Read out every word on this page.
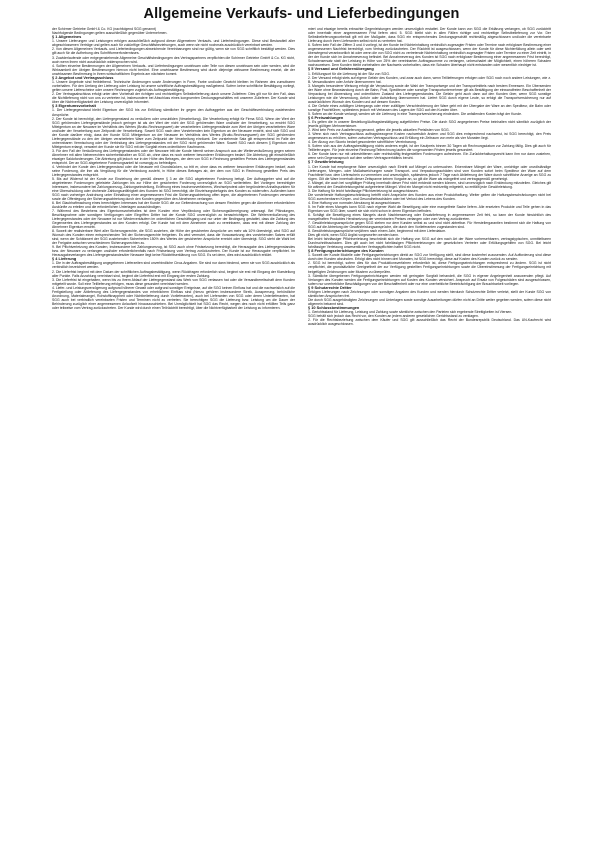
Allgemeine Verkaufs- und Lieferbedingungen

der Schirmer Getriebe GmbH & Co. KG (nachfolgend SGG genannt)

Nachfolgende Bedingungen gelten ausschließlich gegenüber Unternehmen.

§ 1 Allgemeines

1. Unsere Lieferungen und Leistungen erfolgen ausschließlich aufgrund dieser Allgemeinen Verkaufs- und Lieferbedingungen. Diese sind Bestandteil aller abgeschlossenen Verträge und gelten auch für zukünftige Geschäftsbeziehungen, auch wenn sie nicht nochmals ausdrücklich vereinbart werden.

2. Von diesen Allgemeinen Verkaufs- und Lieferbedingungen abweichende Vereinbarungen sind nur gültig, wenn sie von SGG schriftlich bestätigt werden. Dies gilt auch für die Aufhebung des Schriftformerfordernisses.

3. Zuwiderlaufende oder entgegenstehende Allgemeine Geschäftsbedingungen des Vertragspartners verpflichten die Schirmer Getriebe GmbH & Co. KG nicht, auch wenn ihnen nicht ausdrücklich widersprochen wird.

4. Sollten einzelne Bestimmungen der Allgemeinen Verkaufs- und Lieferbedingungen unwirksam oder Teile von diesen unwirksam sein oder werden, wird die Wirksamkeit der übrigen Bestimmungen hiervon nicht berührt. Eine unwirksame Bestimmung wird durch diejenige wirksame Bestimmung ersetzt, die der unwirksamen Bestimmung in ihrem wirtschaftlichen Ergebnis am nächsten kommt.

§ 2 Angebot und Vertragsschluss

1. Unsere Angebote sind freibleibend. Technische Änderungen sowie Änderungen in Form, Farbe und/oder Gewicht bleiben im Rahmen des zumutbaren vorbehalten. Für den Umfang der Lieferung oder Leistung ist unsere schriftliche Auftragsbestätigung maßgebend. Sofern keine schriftliche Bestätigung vorliegt, gelten unsere Lieferscheine oder unsere Rechnungen zugleich als Auftragsbestätigung.

2. Der Vertragsabschluss erfolgt unter dem Vorbehalt der richtigen und rechtzeitigen Selbstbelieferung durch unsere Zulieferer. Dies gilt nur für den Fall, dass die Nichtlieferung nicht von uns zu vertreten ist, insbesondere bei Abschluss eines kongruenten Deckungsgeschäftes mit unserem Zulieferer. Der Kunde wird über die Nichtverfügbarkeit der Leistung unverzüglich informiert.

§ 3 Eigentumsvorbehalt

1. Der Liefergegenstand bleibt Eigentum der SGG bis zur Erfüllung sämtlicher ihr gegen den Auftraggeber aus der Geschäftsverbindung zustehenden Ansprüche.

2. Der Kunde ist berechtigt, den Liefergegenstand zu veräußern oder umzubilden (Verarbeitung). Die Verarbeitung erfolgt für Firma SGG. Wenn der Wert der SGG gehörenden Liefergegenstände jedoch geringer ist als der Wert der nicht der SGG gehörenden Ware und/oder der Verarbeitung, so erwirbt SGG Miteigentum an der Neuware im Verhältnis des Wertes (Brutto-Rechnungswert) der verarbeiteten Liefergegenstände zum Wert der übrigen verarbeiteten Ware und/oder der Verarbeitung zum Zeitpunkt der Verarbeitung. Soweit SGG nach dem Vorstehenden kein Eigentum an der Neuware erwirbt, sind sich SGG und der Kunde darüber einig, dass der Kunde SGG Miteigentum an der Neuware im Verhältnis des Wertes (Brutto-Rechnungswert) der SGG gehörenden Liefergegenstände zu den der übrigen verarbeiteten Ware zum Zeitpunkt der Verarbeitung einräumt. Der vorstehende Satz gilt entsprechend im Falle der untrennbaren Vermischung oder der Verbindung des Liefergegenstandes mit der SGG nicht gehörender Ware. Soweit SGG nach diesem § Eigentum oder Miteigentum erlangt, verwahrt der Kunde sie für SGG mit der Sorgfalt eines ordentlichen Kaufmanns.

3. Für den Fall der Veräußerung des Liefergegenstandes oder der Neuware tritt der Kunde hiermit seinen Anspruch aus der Weiterveräußerung gegen seinen Abnehmer mit allen Nebenrechten sicherheitshalber an SGG ab, ohne dass es noch weiterer besonderer Erklärungen bedarf. Die Abtretung gilt einschließlich etwaiger Saldoforderungen. Die Abtretung gilt jedoch nur in der Höhe des Betrages, der dem von SGG in Rechnung gestellten Preises des Liefergegenstandes entspricht. Der an SGG abgetretene Forderungsanteil ist vorrangig zu befriedigen.

4. Verbindet der Kunde den Liefergegenstand oder die Neuware mit Grundstücken, so tritt er, ohne dass es weiterer besonderer Erklärungen bedarf, auch seine Forderung, die ihm als Vergütung für die Verbindung zusteht, in Höhe dieses Betrages ab, der dem von SGG in Rechnung gestellten Preis des Liefergegenstandes entspricht.

5. Bis auf Widerruf ist der Kunde zur Einziehung der gemäß diesem § 3 an die SGG abgetretenen Forderung befugt. Der Auftraggeber wird auf die abgetretenen Forderungen geleistete Zahlungen bis zur Höhe der gesicherten Forderung unverzüglich an SGG weiterleiten. Bei Vorliegen berechtigter Interessen, insbesondere bei Zahlungsverzug, Zahlungseinstellung, Eröffnung eines Insolvenzverfahrens, Wechselprotest oder begründeten Anhaltspunkten für eine Überschuldung oder drohende Zahlungsunfähigkeit des Kunden ist SGG berechtigt, die Einziehungsbefugnis des Kunden zu widerrufen. Außerdem kann SGG nach vorheriger Androhung unter Einhaltung einer angemessenen Frist die Sicherungsabtretung offen legen, die abgetretenen Forderungen verwerten sowie die Offenlegung der Sicherungsabtretung durch den Kunden gegenüber den Abnehmern verlangen.

6. Bei Glaubhaftmachung eines berechtigten Interesses hat der Kunde SGG die zur Geltendmachung von dessen Rechten gegen die Abnehmer erforderlichen Auskünfte zu erteilen und die erforderlichen Unterlagen auszuhändigen.

7. Während des Bestehens des Eigentumsvorbehaltes ist dem Kunden eine Verpfändung oder Sicherungsübereignung untersagt. Bei Pfändungen, Beschlagnahme oder sonstigen Verfügungen oder Eingriffen Dritter hat der Kunde SGG unverzüglich zu benachrichtigen. Die Weiterveräußerung des Liefergegenstandes oder der Neuware ist nur Wiederverkäufern im ordentlichen Geschäftsgang und nur unter der Bedingung gestattet, dass die Zahlung des Gegenwertes des Liefergegenstandes an den Kunden erfolgt. Der Kunde hat mit dem Abnehmer auch zu vereinbaren, dass erst mit dieser Zahlung der Abnehmer Eigentum erwirbt.

8. Soweit der realisierbare Wert aller Sicherungsrechte, die SGG zustehen, die Höhe der gesicherten Ansprüche um mehr als 10% übersteigt, wird SGG auf Wunsch des Kunden einen entsprechenden Teil der Sicherungsrechte freigeben. Es wird vermutet, dass die Voraussetzung des vorstehenden Satzes erfüllt sind, wenn der Schätzwert der SGG zustehenden Sicherheiten 150% des Wertes der gesicherten Ansprüche erreicht oder übersteigt. SGG steht die Wahl bei der Freigabe zwischen verschiedenen Sicherungsrechten zu.

9. Bei Pflichtverletzung des Kunden, insbesondere bei Zahlungsverzug, ist SGG auch ohne Fristsetzung berechtigt, die Herausgabe des Liefergegenstandes bzw. der Neuware zu verlangen und/oder erforderlichenfalls nach Fristsetzung vom Vertrag zurückzutreten. Der Kunde ist zur Herausgabe verpflichtet. Im Herausgabeverlangen des Liefergegenstandes/der Neuware liegt keine Rücktrittserklärung von SGG. Es sei denn, dies wird ausdrücklich erklärt.

§ 4 Lieferung

1. Die in der Auftragsbestätigung angegebenen Lieferzeiten sind unverbindliche Circa-Angaben. Sie sind nur dann bindend, wenn sie von SGG ausdrücklich als verbindlich bezeichnet werden.

2. Die Lieferfrist beginnt mit dem Datum der schriftlichen Auftragsbestätigung, wenn Rückfragen erforderlich sind, beginnt sie erst mit Eingang der Klarstellung aller Punkte. Falls Anzahlung vereinbart sind, beginnt die Lieferfrist erst mit Eingang der ersten Zahlung.

3. Die Lieferfrist ist eingehalten, wenn bis zu ihrem Ablauf der Liefergegenstand das Werk von SGG verlassen hat oder die Versandbereitschaft dem Kunden mitgeteilt wurde. Soll eine Teillieferung erfolgen, muss diese gesondert vereinbart werden.

4. Liefer- und Leistungsverzögerung aufgrund höherer Gewalt oder aufgrund sonstiger Ereignisse, auf die SGG keinen Einfluss hat und die nachweislich auf die Fertigstellung oder Ablieferung des Liefergegenstandes von erheblichem Einfluss sind (hierzu gehören insbesondere Streik, Aussperrung, behördliche Anordnung, Materialmangel, Rohstoffknappheit oder Nichtbelieferung durch Vorlieferanten), auch bei Lieferanten von SGG oder deren Unterlieferanten, hat SGG auch bei verbindlich vereinbarten Fristen und Terminen nicht zu vertreten. Sie berechtigen SGG die Lieferung bzw. Leistung um die Dauer der Behinderung zuzüglich einer angemessenen Anlaufzeit hinauszuschieben. Bei Unmöglichkeit hat SGG das Recht, wegen des noch nicht erfüllten Teils ganz oder teilweise vom Vertrag zurückzutreten. Der Kunde wird durch einen Teilrücktritt berechtigt, über die Nichtverfügbarkeit der Leistung zu informieren.

miert und etwaige bereits erbrachte Gegenleistungen werden unverzüglich erstattet. Der Kunde kann von SGG die Erklärung verlangen, ob SGG zurücktritt oder innerhalb einer angemessenen Frist liefern wird. 5. SGG bleibt sich in allen Fällen richtige und rechtzeitige Selbstbelieferung zur Vor. Der Selbstbelieferungsvorbehalt gilt mit der Maßgabe, dass SGG ein entsprechendes Deckungsgeschäft rechtmäßig abgeschlossen und/oder die vereinbarte Lieferung durch ihren Lieferanten selbst nicht zu vertreten hat.

6. Sofern kein Fall der Ziffern 3 und 4 vorliegt, ist der Kunde bei Nichteinhaltung verbindlich zugesagter Fristen oder Termine nach erfolgloser Bestimmung einer angemessenen Nachfrist berechtigt, vom Vertrag zurückzutreten. Der Rücktritt ist ausgeschlossen, wenn der Kunde für diese Nichterfüllung allein oder weit überwiegend verantwortlich ist oder wenn die von SGG nicht zu vertretende Nichteinhaltung verbindlich zugesagter Fristen oder Termine zu einer Zeit eintritt, in der der Kunde sich im Annahmeverzug befindet. Bei Annahmeverzug des Kunden ist SGG nach erfolgloser Bestimmung einer angemessenen Frist berechtigt, Schadensersatz statt der Leistung in Höhe von 25% der vereinbarten Auftragssumme zu verlangen, unbeschadet der Möglichkeit, einen höheren Schaden nachzuweisen. Dem Kunden bleibt vorbehalten der Nachweis vorbehalten, dass ein Schaden überhaupt nicht entstanden oder wesentlich niedriger ist.

§ 5 Versand und Gefahrenübergang

1. Erfüllungsort für die Lieferung ist der Sitz von SGG.

2. Der Versand erfolgt stets auf eigene Gefahr des Kunden, und zwar auch dann, wenn Teillieferungen erfolgen oder SGG noch noch andere Leistungen, wie z. B. Versandkosten oder Anfuhr übernommen hat.

3. Mangels besonderer Weisung erfolgt die Verpackung sowie die Wahl der Transportwege und der Transportmittels nach bestem Ermessen. Ein Übersenden der Ware ohne Beanstandung durch die Bahn, Post, Spediteure oder sonstige Transportunternehmer gilt als Bestätigung der einwandfreien Beschaffenheit der Verpackung bei Abwendung und ordentlichen Zustand des Liefergegenstandes. Die Gefahr geht auch dann auf den Kunden über, wenn SGG sonstige Leistungen wie die Versendung, Anfuhr oder Aufstellung übernommen hat. Liefert SGG durch eigene Leute, so erfolgt die Transportversicherung nur auf ausdrücklichen Wunsch des Kunden und auf dessen Kosten.

4. Die Gefahr eines zufälligen Untergangs oder einer zufälligen Verschlechterung der Ware geht mit der Übergabe der Ware an den Spediteur, die Bahn oder sonstige Frachtführer, spätestens jedoch mit Verlassen des Lagers der SGG auf den Kunden über.

5. Sofern an der Kunde verlangt, werden wir die Lieferung in eine Transportversicherung eindecken. Die anfallenden Kosten trägt der Kunde.

§ 6 Preiszahlungen

1. Es gelten die in unserer Bestellung/Auftragsbestätigung aufgeführten Preise. Die durch SGG angegebenen Preise beinhalten nicht sämtlich zuzüglich der jeweils gültigen Mehrwertsteuer.

2. Wird kein Preis vor Auslieferung genannt, gelten die jeweils aktuellen Preislisten von SGG.

3. Wenn sich nach Vertragsschluss auftragsbezogene Kosten nachweislich ändern und SGG dies entsprechend nachweist, ist SGG berechtigt, den Preis angemessen zu erhöhen, sofern zwischen Vertragsschluss und Erfüllung ein Zeitraum von mehr als vier Monaten liegt.

4. Der Abzug von Skonto bedarf gesonderter schriftlicher Vereinbarung.

5. Sofern sich aus der Auftragsbestätigung nichts anderes ergibt, ist der Kaufpreis binnen 30 Tagen ab Rechnungsdatum zur Zahlung fällig. Dies gilt auch für Teillieferungen. Für jede einzelne Rechnung/Teilrechnung laufen die vorgenannten Fristen jeweils gesondert.

6. Der Kunde kann nur mit unbestrittenen oder rechtskräftig festgestellten Forderungen aufrechnen. Ein Zurückbehaltungsrecht kann ihm nur dann zustehen, wenn sein Gegenanspruch auf dem selben Vertragsverhältnis beruht.

§ 7 Gewährleistung

1. Der Kunde hat empfangene Ware unverzüglich nach Eintritt auf Mängel zu untersuchen. Erkennbare Mängel der Ware, unrichtige oder unvollständige Lieferungen, Mengen- oder Maßabweichungen sowie Transport- und Verpackungsschäden sind vom Kunden sofort beim Spediteur der Ware auf dem Frachtbrief bzw. dem Lieferschein zu vermerken und unverzüglich, spätestens jedoch 7 Tage nach Ablieferung der Ware durch schriftliche Anzeige an SGG zu rügen. Gilt die Ware innerhalb dieser Zeitspanne keinen Vorgabe an, so gilt die Ware als mängelfrei und vertragsgemäß genehmigt.

2. Mängel, die auch bei sorgfältiger Prüfung innerhalb dieser Frist nicht entdeckt werden können, sind unverzüglich nach Entdeckung mitzuteilen. Gleiches gilt für während der Gewährleistungsfrist aufgetretene Mängel. Wird ein Mangel nicht rechtzeitig mitgeteilt, so entfällt jede Gewährleistung.

3. Die Haftung für leicht fahrlässige Pflichtverletzung ist ausgeschlossen.

Die vorstehende Haftungsbeschränkung betrifft nicht Ansprüche des Kunden aus einer Produkthaftung. Weiter gelten die Haftungsbeschränkungen nicht bei SGG zurechenbaren Körper- und Gesundheitsschäden oder bei Verlust des Lebens des Kunden.

4. Eine Haftung von normaler Abnutzung ist ausgeschlossen.

5. Im Falle eines Mangels kann SGG nach eigener Wahl die Beseitigung oder eine mangelfreie Sache liefern. Alle ersetzten Produkte und Teile gehen in das Eigentum von SGG über, soweit sie sich nicht schon in deren Eigentum befinden.

6. Schlägt die Beseitigung eines Mangels durch Nachbesserung oder Ersatzlieferung in angemessener Zeit fehl, so kann der Kunde hinsichtlich des mangelhaften Produktes Herabsetzung der vereinbarten Preises verlangen oder vom Vertrag zurücktreten.

7. Gewährleistungsansprüche gegen SGG stehen nur dem Kunden selbst zu und sind nicht abtretbar. Für Herstellergarantien bestimmt sich die Haftung von SGG auf die Abtretung der Gewährleistungsansprüche, die durch den Vorlieferanten zugestanden sind.

8. Gewährleistungsansprüche verjähren nach einem Jahr, beginnend mit dem Lieferdatum.

Dies gilt nicht, wenn SGG Arglist vorgeworfen werden kann.

Bei leicht fahrlässiger Pflichtverletzung beschränkt sich die Haftung von SGG auf den nach Art der Ware vorhersehbaren, vertragstypischen, unmittelbaren Durchschnittsschaden. Dies gilt auch bei nicht fahrlässigen Pflichtverletzungen der gesetzlichen Vertreter oder Erfüllungsgehilfen von SGG. Bei leicht fahrlässiger Verletzung unwesentlicher Vertragspflichten haftet SGG nicht.

§ 8 Fertigungseinrichtungen des Kunden

1. Soweit der Kunde Modelle oder Fertigungseinrichtungen direkt an SGG zur Verfügung stellt, sind diese kostenfrei zuzusenden. Auf Aufforderung sind diese durch den Kunden abzuholen. Erfolgt dies nicht binnen drei Monaten, ist SGG berechtigt, diese auf Kosten des Kunden zurück zu senden.

2. SGG ist berechtigt, sofern dies für das Produktionsverfahren erforderlich ist, diese Fertigungseinrichtungen entsprechend zu ändern. SGG ist nicht verpflichtet, die grundsätzliche Geeignetheit der zur Verfügung gestellten Fertigungseinrichtungen sowie die Übereinstimmung der Fertigungseinrichtung mit beigefügten Zeichnungen oder Mustern zu überprüfen.

3. Sämtliche übergebenen Fertigungseinrichtungen werden mit geringster Sorgfalt behandelt, die SGG in eigener Angelegenheit anzuwenden pflegt. Auf Verlangen des Kunden werden die Fertigungseinrichtungen auf Kosten des Kunden versichert. Anspruch auf Ersatz von Folgeschäden sind ausgeschlossen, sofern nur unerhebliche Beschädigungen von der Beschaffenheit oder nur eine unerhebliche Beeinträchtigung der Brauchbarkeit vorliegen.

§ 9 Schutzrechte Dritter

Erfolgen Lieferungen nach Zeichnungen oder sonstigen Angaben des Kunden und werden hierdurch Schutzrechte Dritter verletzt, stellt der Kunde SGG von sämtlichen Ansprüchen frei.

Die durch SGG ausgehändigten Zeichnungen und Unterlagen sowie sonstige Ausarbeitungen dürfen nicht an Dritte weiter gegeben werden, sofern diese nicht allgemein bekannt sind.

§ 10 Schlussbestimmungen

1. Gerichtsstand für Lieferung, Leistung und Zahlung sowie sämtliche zwischen den Parteien sich ergebende Streitigkeiten ist Viersen.

SGG behält sich jedoch das Recht vor, den Kunden an jedem anderen gesetzlichen Gerichtsstand zu verklagen.

2. Für die Rechtsbeziehung zwischen dem Käufer und SGG gilt ausschließlich das Recht der Bundesrepublik Deutschland. Das UN-Kaufrecht wird ausdrücklich ausgeschlossen.
